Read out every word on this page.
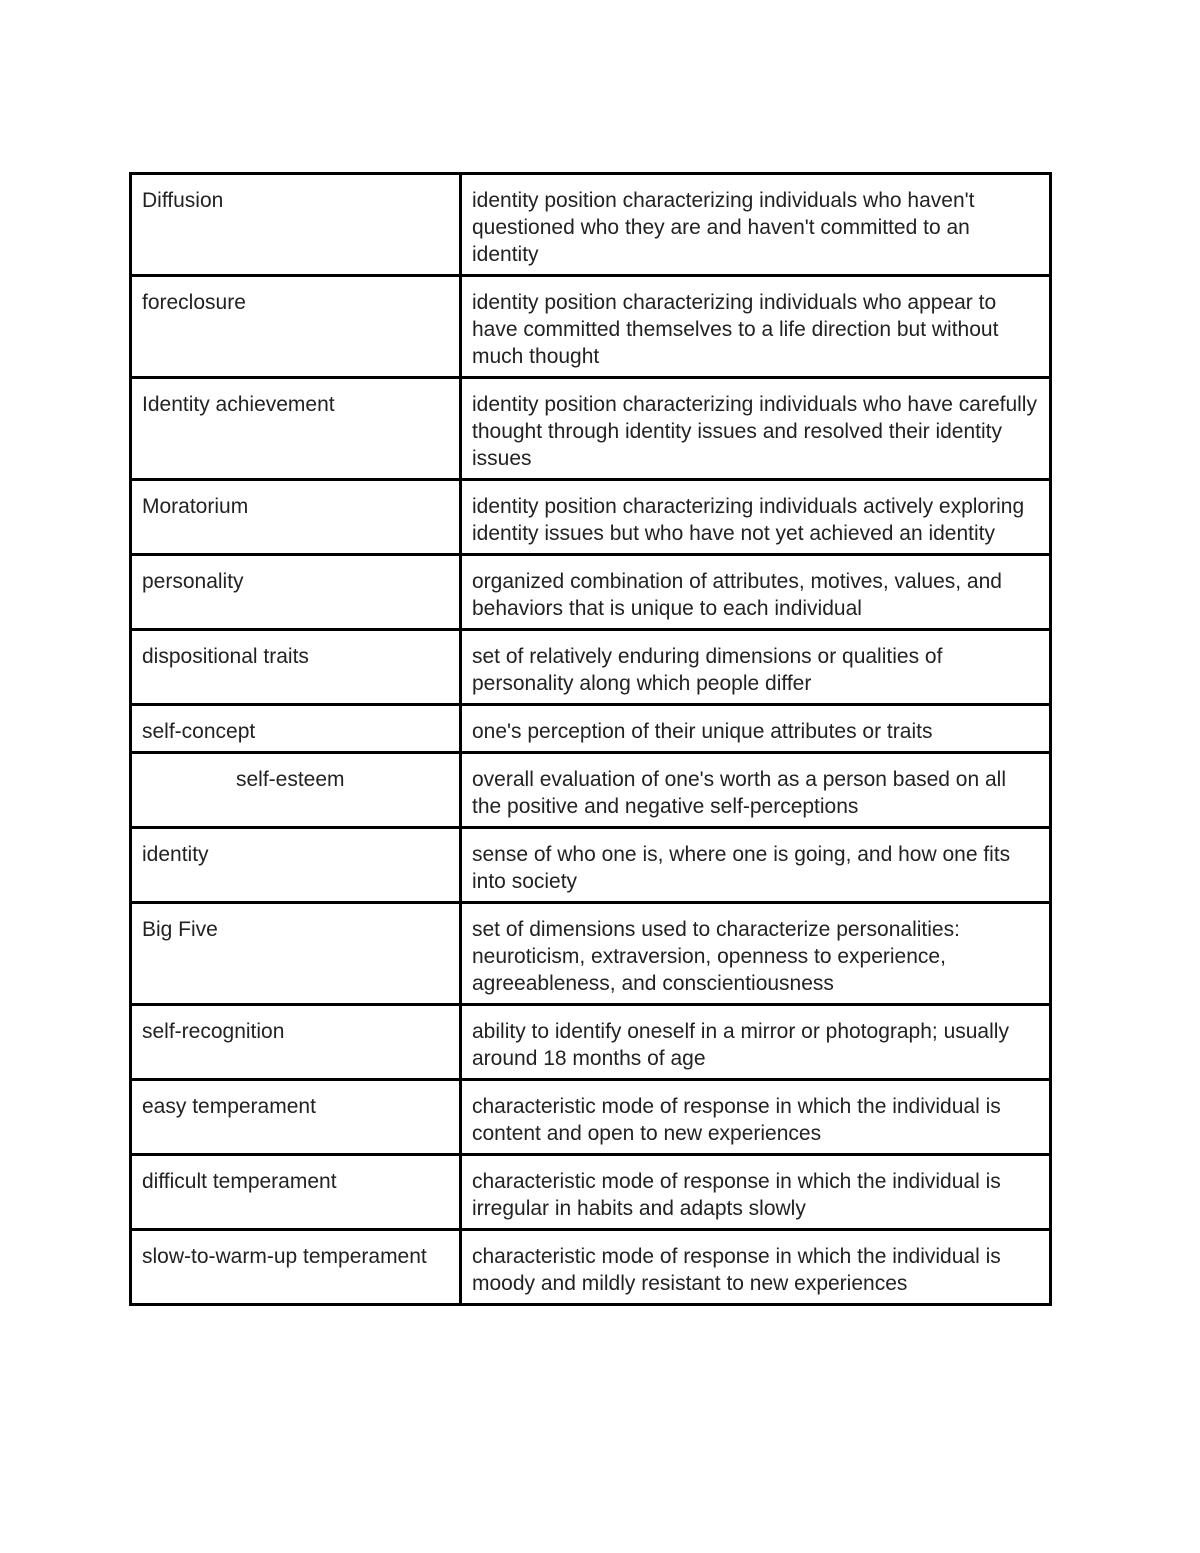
Diffusion	identity position characterizing individuals who haven't questioned who they are and haven't committed to an identity
foreclosure	identity position characterizing individuals who appear to have committed themselves to a life direction but without much thought
Identity achievement	identity position characterizing individuals who have carefully thought through identity issues and resolved their identity issues
Moratorium	identity position characterizing individuals actively exploring identity issues but who have not yet achieved an identity
personality	organized combination of attributes, motives, values, and behaviors that is unique to each individual
dispositional traits	set of relatively enduring dimensions or qualities of personality along which people differ
self-concept	one's perception of their unique attributes or traits
self-esteem	overall evaluation of one's worth as a person based on all the positive and negative self-perceptions
identity	sense of who one is, where one is going, and how one fits into society
Big Five	set of dimensions used to characterize personalities: neuroticism, extraversion, openness to experience, agreeableness, and conscientiousness
self-recognition	ability to identify oneself in a mirror or photograph; usually around 18 months of age
easy temperament	characteristic mode of response in which the individual is content and open to new experiences
difficult temperament	characteristic mode of response in which the individual is irregular in habits and adapts slowly
slow-to-warm-up temperament	characteristic mode of response in which the individual is moody and mildly resistant to new experiences
